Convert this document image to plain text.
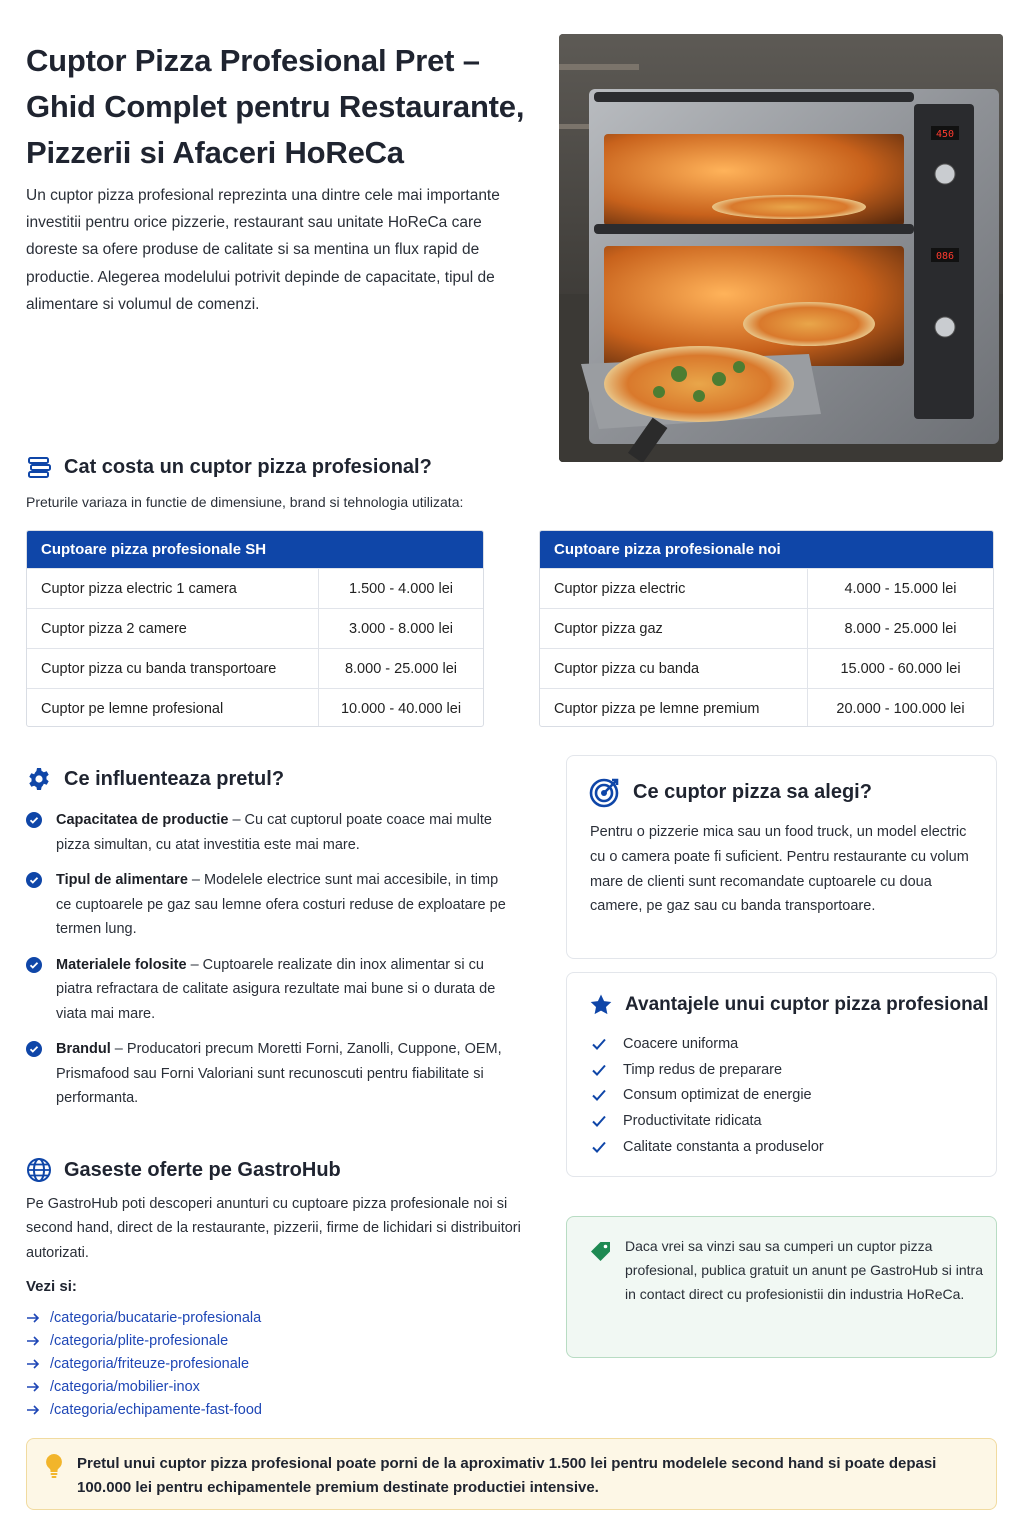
Cuptor Pizza Profesional Pret – Ghid Complet pentru Restaurante, Pizzerii si Afaceri HoReCa

Un cuptor pizza profesional reprezinta una dintre cele mai importante investitii pentru orice pizzerie, restaurant sau unitate HoReCa care doreste sa ofere produse de calitate si sa mentina un flux rapid de productie. Alegerea modelului potrivit depinde de capacitate, tipul de alimentare si volumul de comenzi.

450
086
Cat costa un cuptor pizza profesional?

Preturile variaza in functie de dimensiune, brand si tehnologia utilizata:

Cuptoare pizza profesionale SH
Cuptor pizza electric 1 camera	1.500 - 4.000 lei
Cuptor pizza 2 camere	3.000 - 8.000 lei
Cuptor pizza cu banda transportoare	8.000 - 25.000 lei
Cuptor pe lemne profesional	10.000 - 40.000 lei
Cuptoare pizza profesionale noi
Cuptor pizza electric	4.000 - 15.000 lei
Cuptor pizza gaz	8.000 - 25.000 lei
Cuptor pizza cu banda	15.000 - 60.000 lei
Cuptor pizza pe lemne premium	20.000 - 100.000 lei
Ce influenteaza pretul?
Capacitatea de productie – Cu cat cuptorul poate coace mai multe pizza simultan, cu atat investitia este mai mare.
Tipul de alimentare – Modelele electrice sunt mai accesibile, in timp ce cuptoarele pe gaz sau lemne ofera costuri reduse de exploatare pe termen lung.
Materialele folosite – Cuptoarele realizate din inox alimentar si cu piatra refractara de calitate asigura rezultate mai bune si o durata de viata mai mare.
Brandul – Producatori precum Moretti Forni, Zanolli, Cuppone, OEM, Prismafood sau Forni Valoriani sunt recunoscuti pentru fiabilitate si performanta.
Ce cuptor pizza sa alegi?

Pentru o pizzerie mica sau un food truck, un model electric cu o camera poate fi suficient. Pentru restaurante cu volum mare de clienti sunt recomandate cuptoarele cu doua camere, pe gaz sau cu banda transportoare.

Avantajele unui cuptor pizza profesional
Coacere uniforma
Timp redus de preparare
Consum optimizat de energie
Productivitate ridicata
Calitate constanta a produselor
Gaseste oferte pe GastroHub

Pe GastroHub poti descoperi anunturi cu cuptoare pizza profesionale noi si second hand, direct de la restaurante, pizzerii, firme de lichidari si distribuitori autorizati.

Vezi si:

/categoria/bucatarie-profesionala
/categoria/plite-profesionale
/categoria/friteuze-profesionale
/categoria/mobilier-inox
/categoria/echipamente-fast-food

Daca vrei sa vinzi sau sa cumperi un cuptor pizza profesional, publica gratuit un anunt pe GastroHub si intra in contact direct cu profesionistii din industria HoReCa.

Pretul unui cuptor pizza profesional poate porni de la aproximativ 1.500 lei pentru modelele second hand si poate depasi 100.000 lei pentru echipamentele premium destinate productiei intensive.
